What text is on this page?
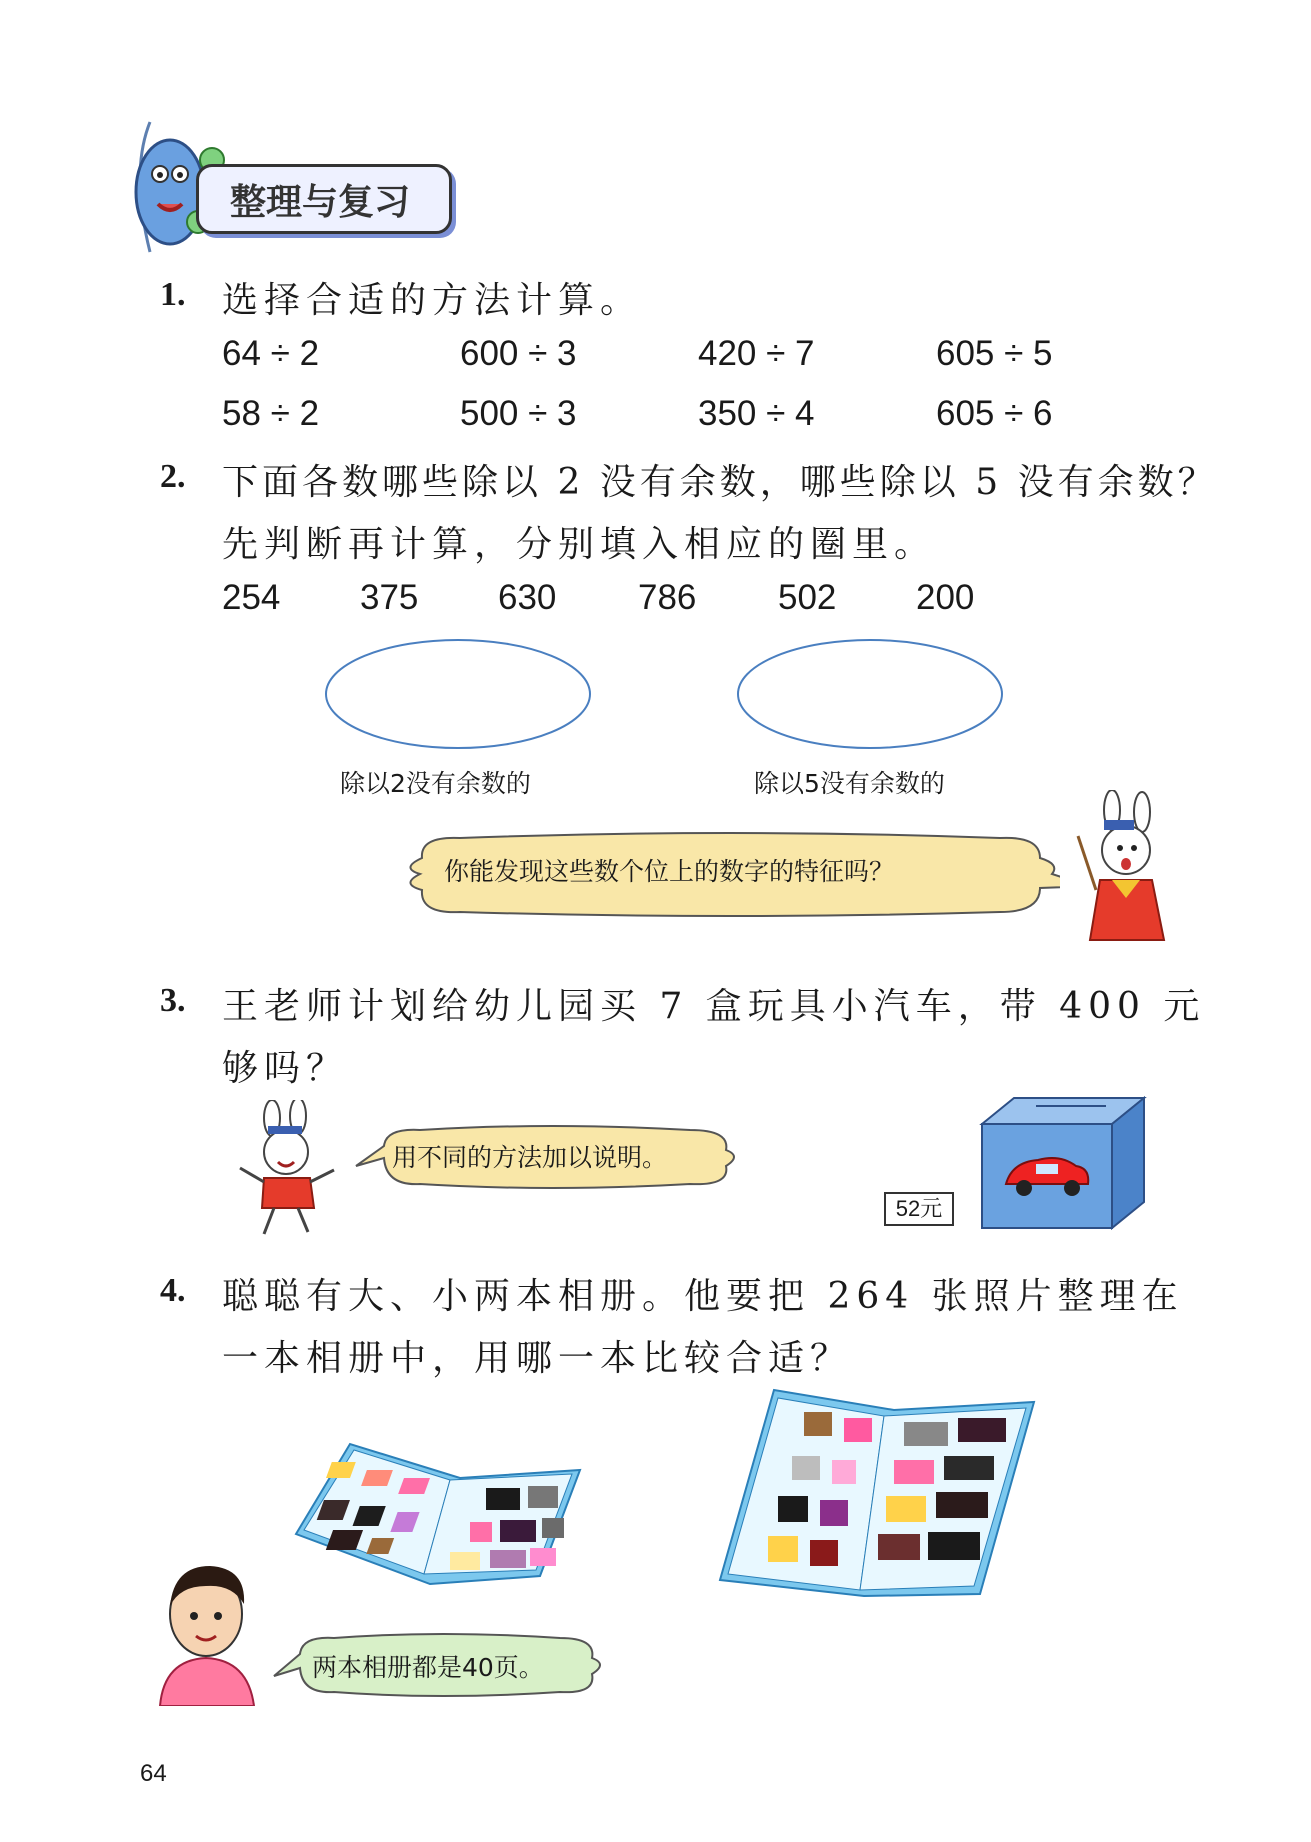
整理与复习
1. 选择合适的方法计算。
64 ÷ 2	600 ÷ 3	420 ÷ 7	605 ÷ 5
58 ÷ 2	500 ÷ 3	350 ÷ 4	605 ÷ 6
2. 下面各数哪些除以 2 没有余数，哪些除以 5 没有余数？
先判断再计算，分别填入相应的圈里。
254 375 630 786 502 200
除以2没有余数的	除以5没有余数的
你能发现这些数个位上的数字的特征吗？
3. 王老师计划给幼儿园买 7 盒玩具小汽车，带 400 元
够吗？
用不同的方法加以说明。
52元
4. 聪聪有大、小两本相册。他要把 264 张照片整理在
一本相册中，用哪一本比较合适？
两本相册都是40页。
64
